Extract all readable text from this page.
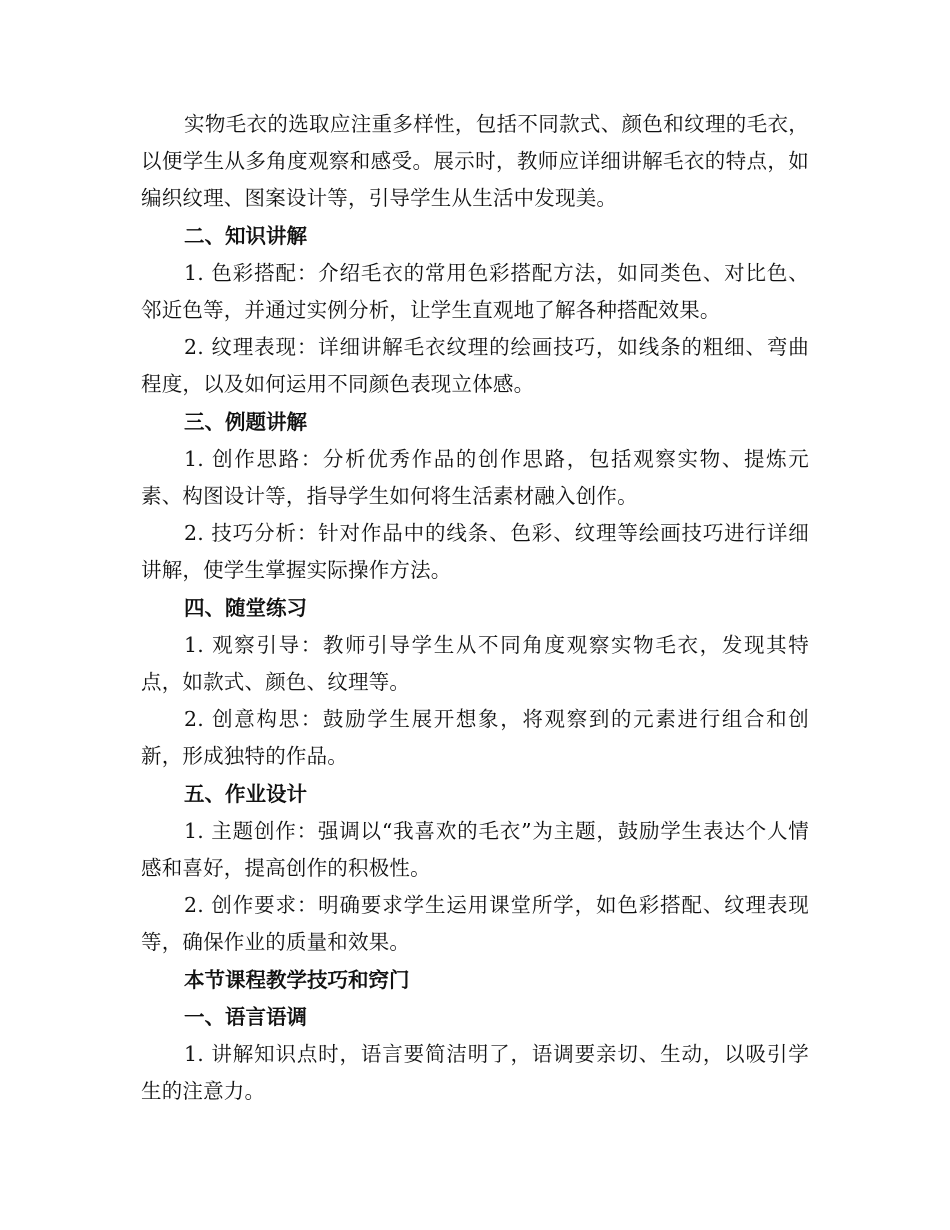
实物毛衣的选取应注重多样性，包括不同款式、颜色和纹理的毛衣，以便学生从多角度观察和感受。展示时，教师应详细讲解毛衣的特点，如编织纹理、图案设计等，引导学生从生活中发现美。

二、知识讲解

1. 色彩搭配：介绍毛衣的常用色彩搭配方法，如同类色、对比色、邻近色等，并通过实例分析，让学生直观地了解各种搭配效果。

2. 纹理表现：详细讲解毛衣纹理的绘画技巧，如线条的粗细、弯曲程度，以及如何运用不同颜色表现立体感。

三、例题讲解

1. 创作思路：分析优秀作品的创作思路，包括观察实物、提炼元素、构图设计等，指导学生如何将生活素材融入创作。

2. 技巧分析：针对作品中的线条、色彩、纹理等绘画技巧进行详细讲解，使学生掌握实际操作方法。

四、随堂练习

1. 观察引导：教师引导学生从不同角度观察实物毛衣，发现其特点，如款式、颜色、纹理等。

2. 创意构思：鼓励学生展开想象，将观察到的元素进行组合和创新，形成独特的作品。

五、作业设计

1. 主题创作：强调以“我喜欢的毛衣”为主题，鼓励学生表达个人情感和喜好，提高创作的积极性。

2. 创作要求：明确要求学生运用课堂所学，如色彩搭配、纹理表现等，确保作业的质量和效果。

本节课程教学技巧和窍门
一、语言语调

1. 讲解知识点时，语言要简洁明了，语调要亲切、生动，以吸引学生的注意力。
